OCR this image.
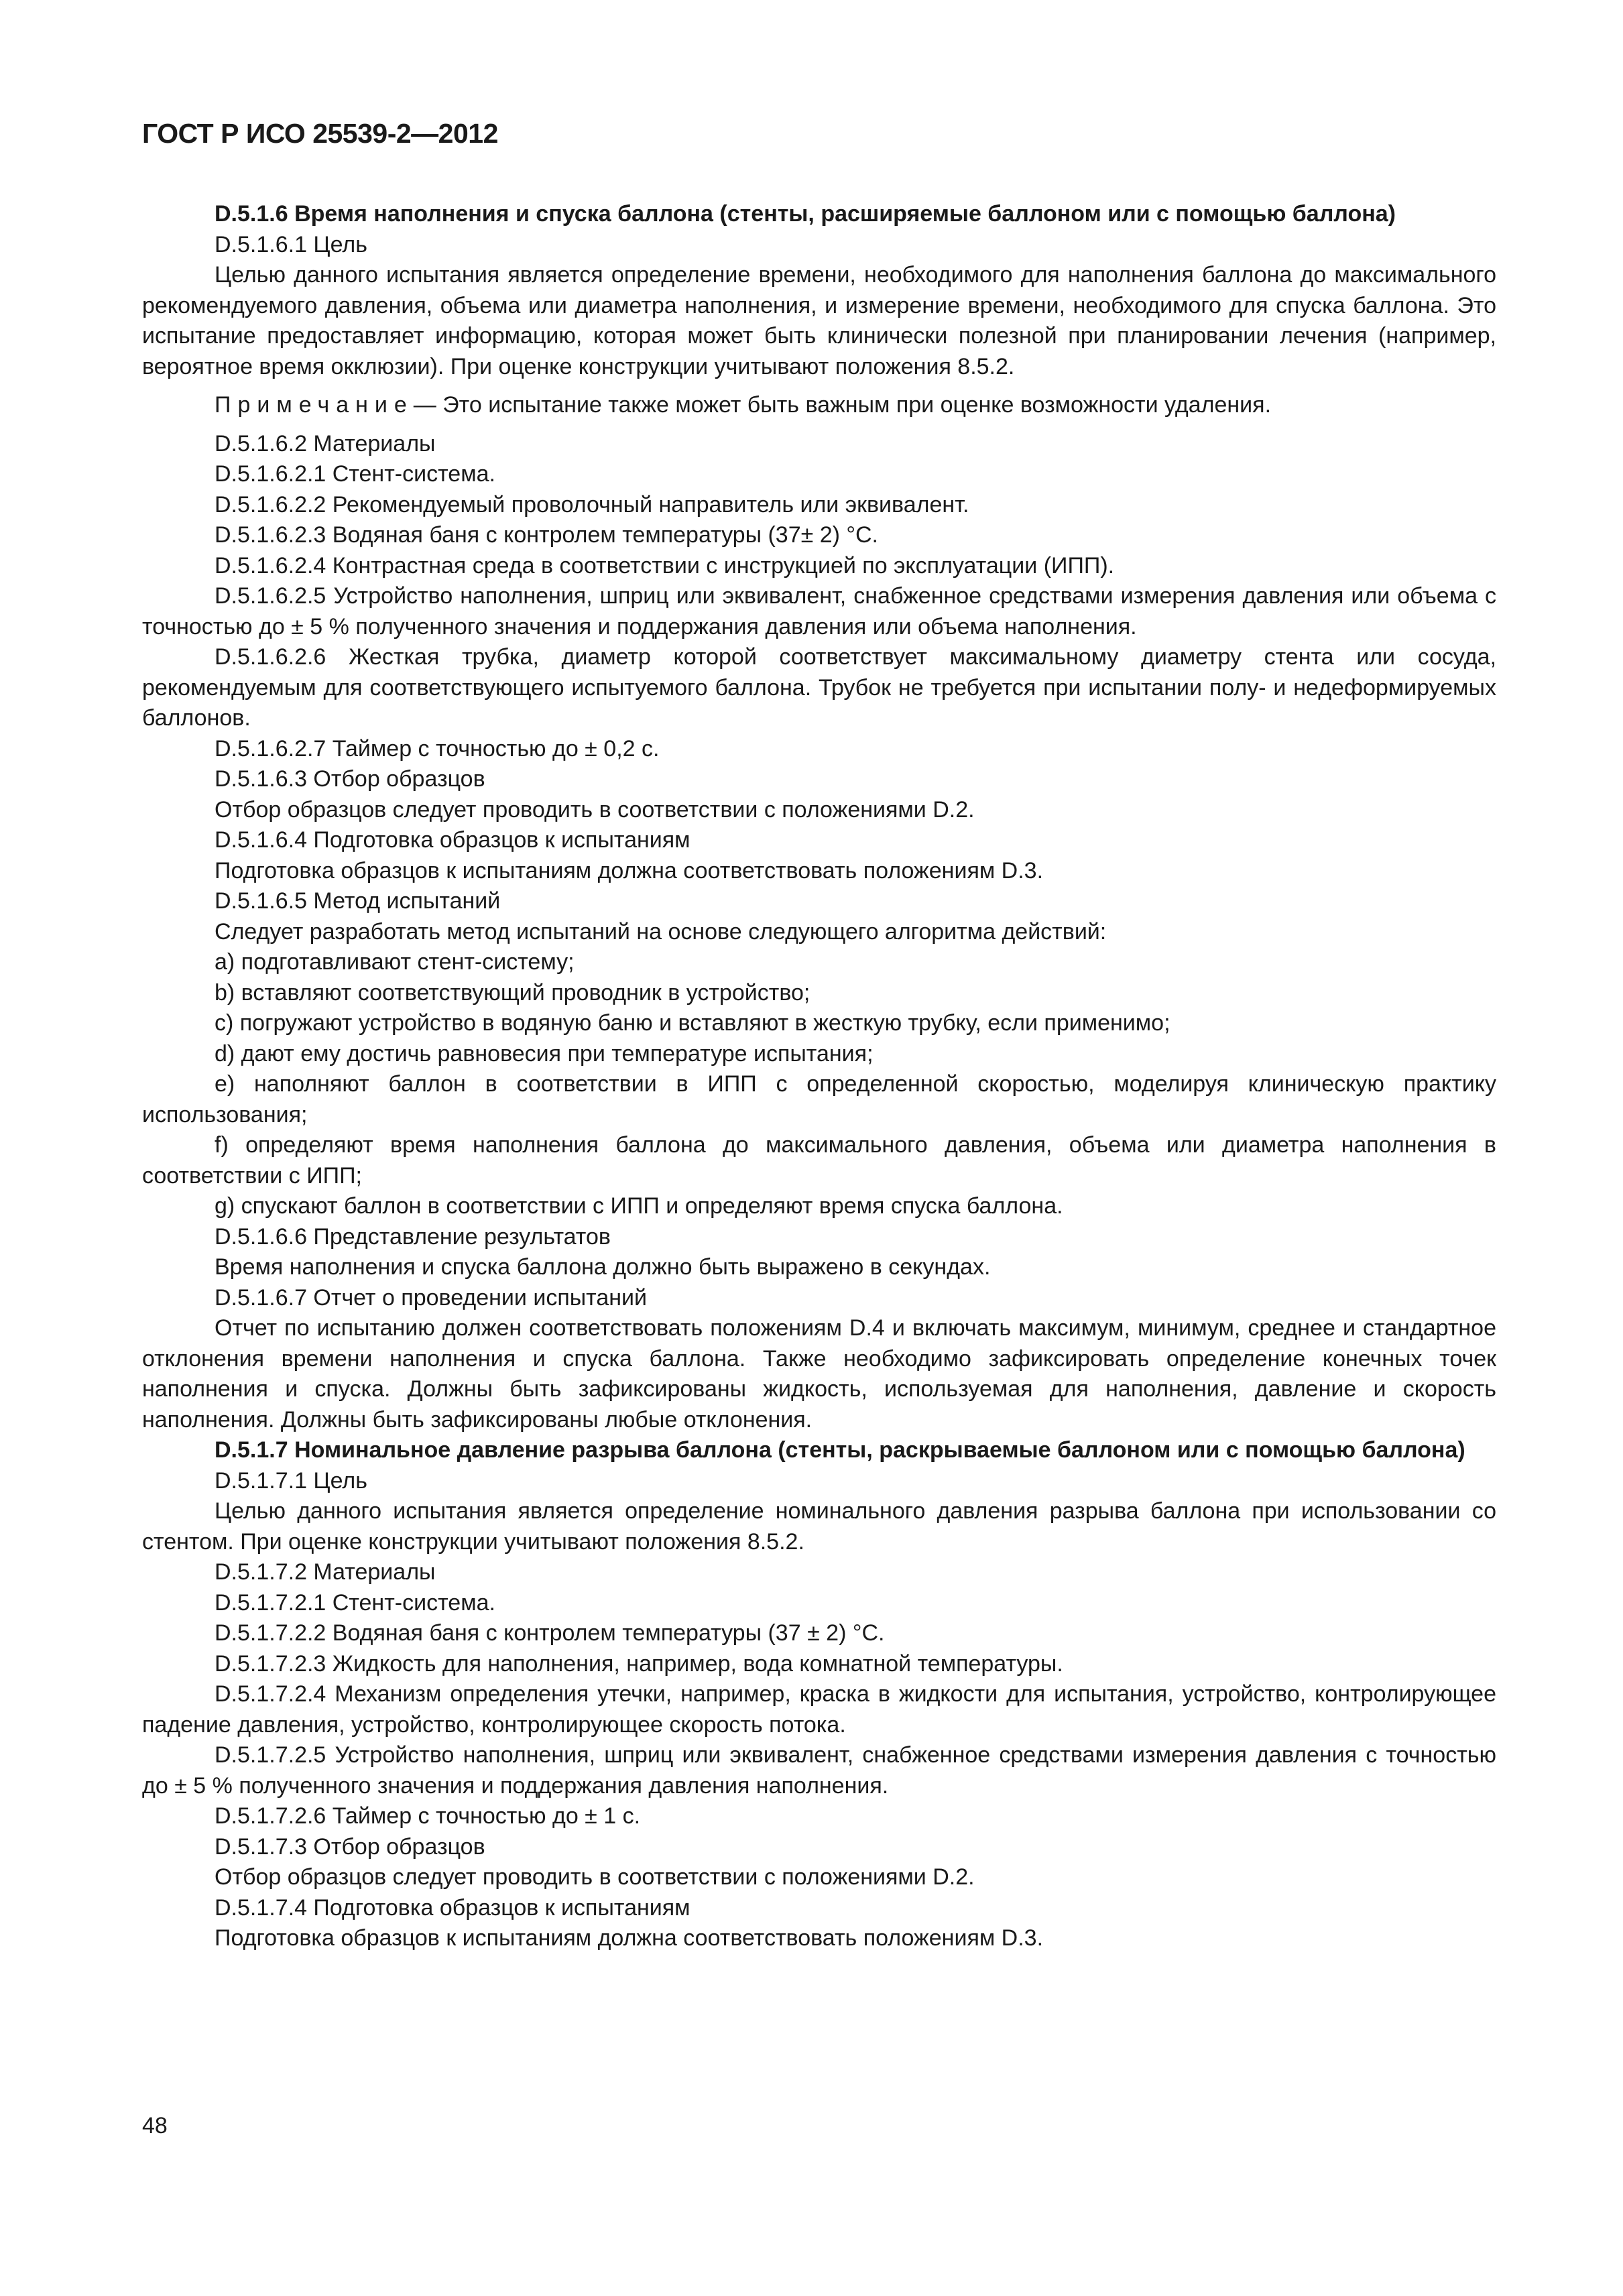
ГОСТ Р ИСО 25539-2—2012

D.5.1.6 Время наполнения и спуска баллона (стенты, расширяемые баллоном или с помощью баллона)

D.5.1.6.1 Цель

Целью данного испытания является определение времени, необходимого для наполнения баллона до максимального рекомендуемого давления, объема или диаметра наполнения, и измерение времени, необходимого для спуска баллона. Это испытание предоставляет информацию, которая может быть клинически полезной при планировании лечения (например, вероятное время окклюзии). При оценке конструкции учитывают положения 8.5.2.

Примечание— Это испытание также может быть важным при оценке возможности удаления.

D.5.1.6.2 Материалы

D.5.1.6.2.1 Стент-система.

D.5.1.6.2.2 Рекомендуемый проволочный направитель или эквивалент.

D.5.1.6.2.3 Водяная баня с контролем температуры (37± 2) °С.

D.5.1.6.2.4 Контрастная среда в соответствии с инструкцией по эксплуатации (ИПП).

D.5.1.6.2.5 Устройство наполнения, шприц или эквивалент, снабженное средствами измерения давления или объема с точностью до ± 5 % полученного значения и поддержания давления или объема наполнения.

D.5.1.6.2.6 Жесткая трубка, диаметр которой соответствует максимальному диаметру стента или сосуда, рекомендуемым для соответствующего испытуемого баллона. Трубок не требуется при испытании полу- и недеформируемых баллонов.

D.5.1.6.2.7 Таймер с точностью до ± 0,2 с.

D.5.1.6.3 Отбор образцов

Отбор образцов следует проводить в соответствии с положениями D.2.

D.5.1.6.4 Подготовка образцов к испытаниям

Подготовка образцов к испытаниям должна соответствовать положениям D.3.

D.5.1.6.5 Метод испытаний

Следует разработать метод испытаний на основе следующего алгоритма действий:

a) подготавливают стент-систему;

b) вставляют соответствующий проводник в устройство;

c) погружают устройство в водяную баню и вставляют в жесткую трубку, если применимо;

d) дают ему достичь равновесия при температуре испытания;

e) наполняют баллон в соответствии в ИПП с определенной скоростью, моделируя клиническую практику использования;

f) определяют время наполнения баллона до максимального давления, объема или диаметра наполнения в соответствии с ИПП;

g) спускают баллон в соответствии с ИПП и определяют время спуска баллона.

D.5.1.6.6 Представление результатов

Время наполнения и спуска баллона должно быть выражено в секундах.

D.5.1.6.7 Отчет о проведении испытаний

Отчет по испытанию должен соответствовать положениям D.4 и включать максимум, минимум, среднее и стандартное отклонения времени наполнения и спуска баллона. Также необходимо зафиксировать определение конечных точек наполнения и спуска. Должны быть зафиксированы жидкость, используемая для наполнения, давление и скорость наполнения. Должны быть зафиксированы любые отклонения.

D.5.1.7 Номинальное давление разрыва баллона (стенты, раскрываемые баллоном или с помощью баллона)

D.5.1.7.1 Цель

Целью данного испытания является определение номинального давления разрыва баллона при использовании со стентом. При оценке конструкции учитывают положения 8.5.2.

D.5.1.7.2 Материалы

D.5.1.7.2.1 Стент-система.

D.5.1.7.2.2 Водяная баня с контролем температуры (37 ± 2) °С.

D.5.1.7.2.3 Жидкость для наполнения, например, вода комнатной температуры.

D.5.1.7.2.4 Механизм определения утечки, например, краска в жидкости для испытания, устройство, контролирующее падение давления, устройство, контролирующее скорость потока.

D.5.1.7.2.5 Устройство наполнения, шприц или эквивалент, снабженное средствами измерения давления с точностью до ± 5 % полученного значения и поддержания давления наполнения.

D.5.1.7.2.6 Таймер с точностью до ± 1 с.

D.5.1.7.3 Отбор образцов

Отбор образцов следует проводить в соответствии с положениями D.2.

D.5.1.7.4 Подготовка образцов к испытаниям

Подготовка образцов к испытаниям должна соответствовать положениям D.3.

48
